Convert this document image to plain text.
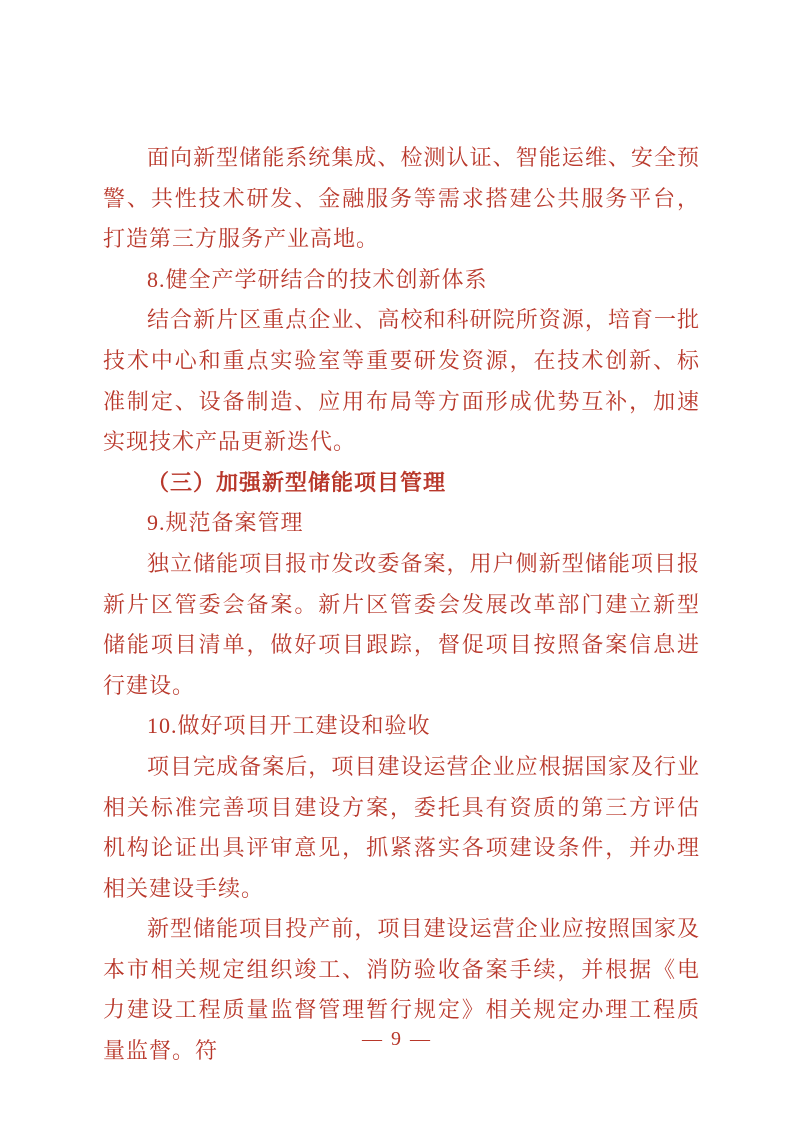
面向新型储能系统集成、检测认证、智能运维、安全预警、共性技术研发、金融服务等需求搭建公共服务平台，打造第三方服务产业高地。

8.健全产学研结合的技术创新体系

结合新片区重点企业、高校和科研院所资源，培育一批技术中心和重点实验室等重要研发资源，在技术创新、标准制定、设备制造、应用布局等方面形成优势互补，加速实现技术产品更新迭代。

（三）加强新型储能项目管理

9.规范备案管理

独立储能项目报市发改委备案，用户侧新型储能项目报新片区管委会备案。新片区管委会发展改革部门建立新型储能项目清单，做好项目跟踪，督促项目按照备案信息进行建设。

10.做好项目开工建设和验收

项目完成备案后，项目建设运营企业应根据国家及行业相关标准完善项目建设方案，委托具有资质的第三方评估机构论证出具评审意见，抓紧落实各项建设条件，并办理相关建设手续。

新型储能项目投产前，项目建设运营企业应按照国家及本市相关规定组织竣工、消防验收备案手续，并根据《电力建设工程质量监督管理暂行规定》相关规定办理工程质量监督。符	— 9 —
